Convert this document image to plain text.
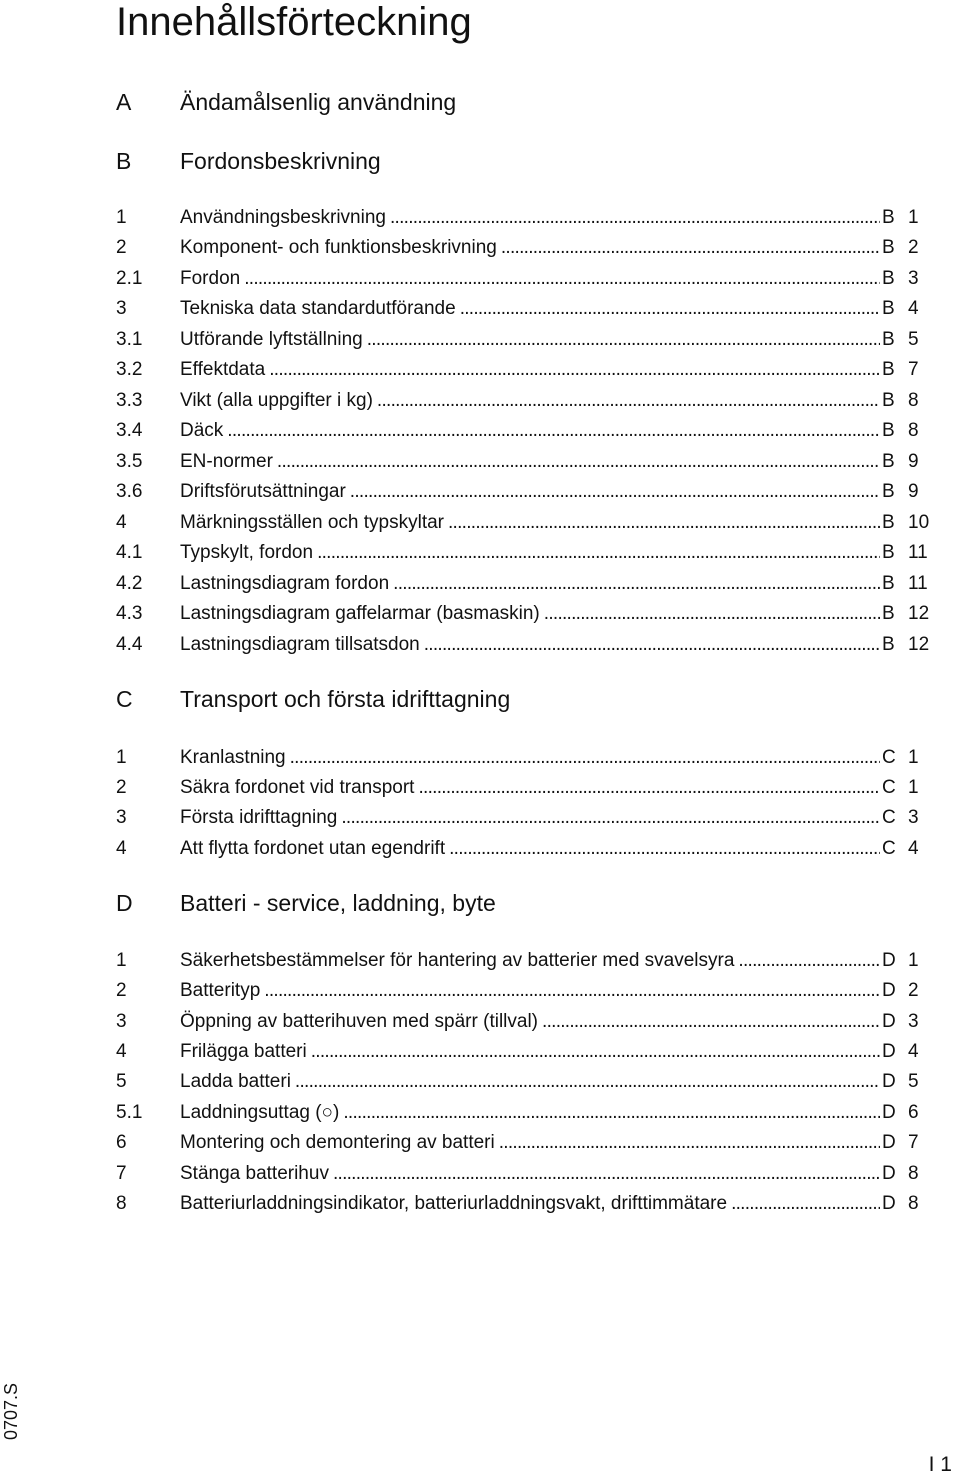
Innehållsförteckning
A	Ändamålsenlig användning
B	Fordonsbeskrivning
1	Användningsbeskrivning . . .	B 1
2	Komponent- och funktionsbeskrivning . . .	B 2
2.1	Fordon . . .	B 3
3	Tekniska data standardutförande . . .	B 4
3.1	Utförande lyftställning . . .	B 5
3.2	Effektdata . . .	B 7
3.3	Vikt (alla uppgifter i kg) . . .	B 8
3.4	Däck . . .	B 8
3.5	EN-normer . . .	B 9
3.6	Driftsförutsättningar . . .	B 9
4	Märkningsställen och typskyltar . . .	B 10
4.1	Typskylt, fordon . . .	B 11
4.2	Lastningsdiagram fordon . . .	B 11
4.3	Lastningsdiagram gaffelarmar (basmaskin) . . .	B 12
4.4	Lastningsdiagram tillsatsdon . . .	B 12
C	Transport och första idrifttagning
1	Kranlastning . . .	C 1
2	Säkra fordonet vid transport . . .	C 1
3	Första idrifttagning . . .	C 3
4	Att flytta fordonet utan egendrift . . .	C 4
D	Batteri - service, laddning, byte
1	Säkerhetsbestämmelser för hantering av batterier med svavelsyra . . .	D 1
2	Batterityp . . .	D 2
3	Öppning av batterihuven med spärr (tillval) . . .	D 3
4	Frilägga batteri . . .	D 4
5	Ladda batteri . . .	D 5
5.1	Laddningsuttag (○) . . .	D 6
6	Montering och demontering av batteri . . .	D 7
7	Stänga batterihuv . . .	D 8
8	Batteriurladdningsindikator, batteriurladdningsvakt, drifttimmätare . . .	D 8
0707.S
I 1
